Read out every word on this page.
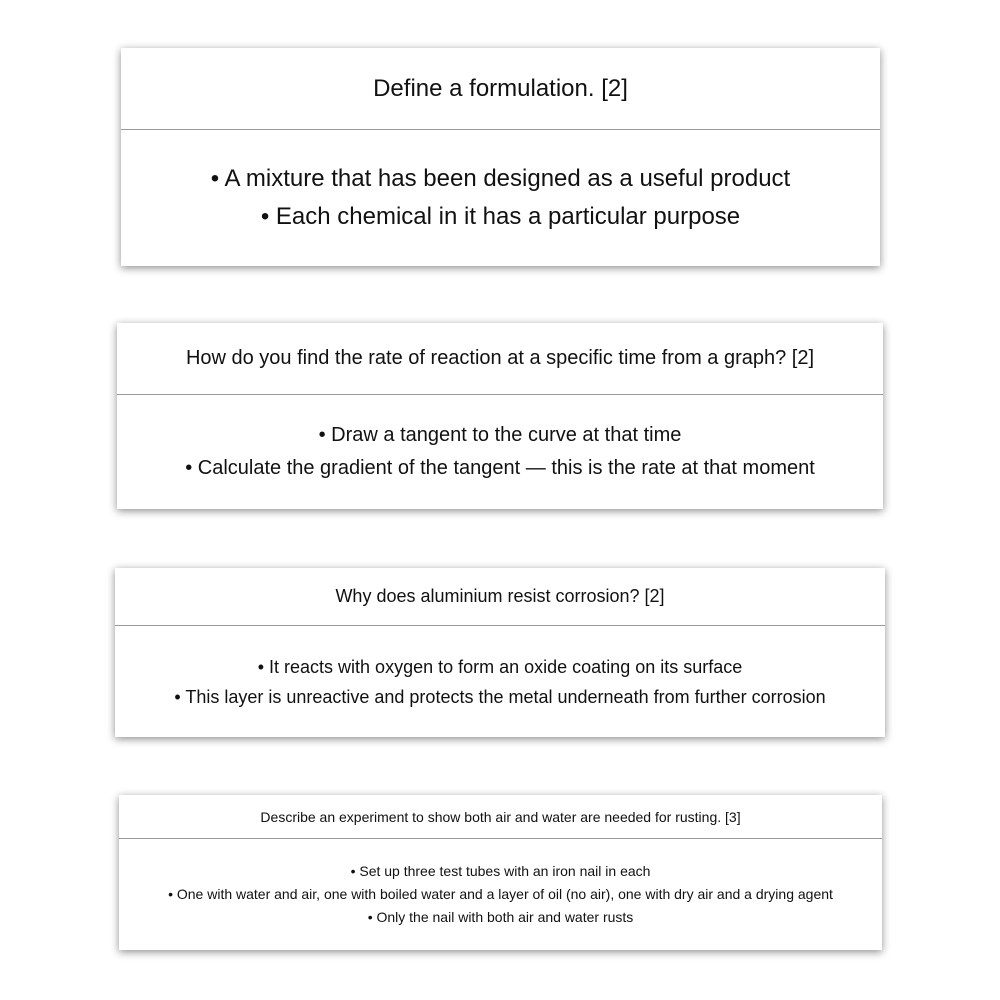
Define a formulation. [2]
• A mixture that has been designed as a useful product
• Each chemical in it has a particular purpose
How do you find the rate of reaction at a specific time from a graph? [2]
• Draw a tangent to the curve at that time
• Calculate the gradient of the tangent — this is the rate at that moment
Why does aluminium resist corrosion? [2]
• It reacts with oxygen to form an oxide coating on its surface
• This layer is unreactive and protects the metal underneath from further corrosion
Describe an experiment to show both air and water are needed for rusting. [3]
• Set up three test tubes with an iron nail in each
• One with water and air, one with boiled water and a layer of oil (no air), one with dry air and a drying agent
• Only the nail with both air and water rusts
